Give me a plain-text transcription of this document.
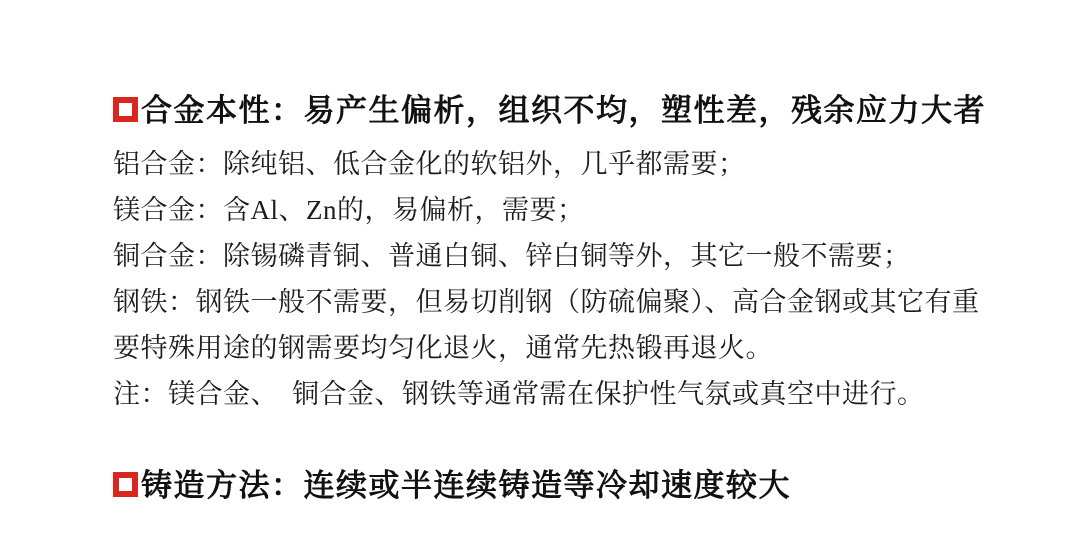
合金本性：易产生偏析，组织不均，塑性差，残余应力大者

铝合金：除纯铝、低合金化的软铝外，几乎都需要；

镁合金：含Al、Zn的，易偏析，需要；

铜合金：除锡磷青铜、普通白铜、锌白铜等外，其它一般不需要；

钢铁：钢铁一般不需要，但易切削钢（防硫偏聚）、高合金钢或其它有重要特殊用途的钢需要均匀化退火，通常先热锻再退火。

注：镁合金、　铜合金、钢铁等通常需在保护性气氛或真空中进行。

铸造方法：连续或半连续铸造等冷却速度较大
